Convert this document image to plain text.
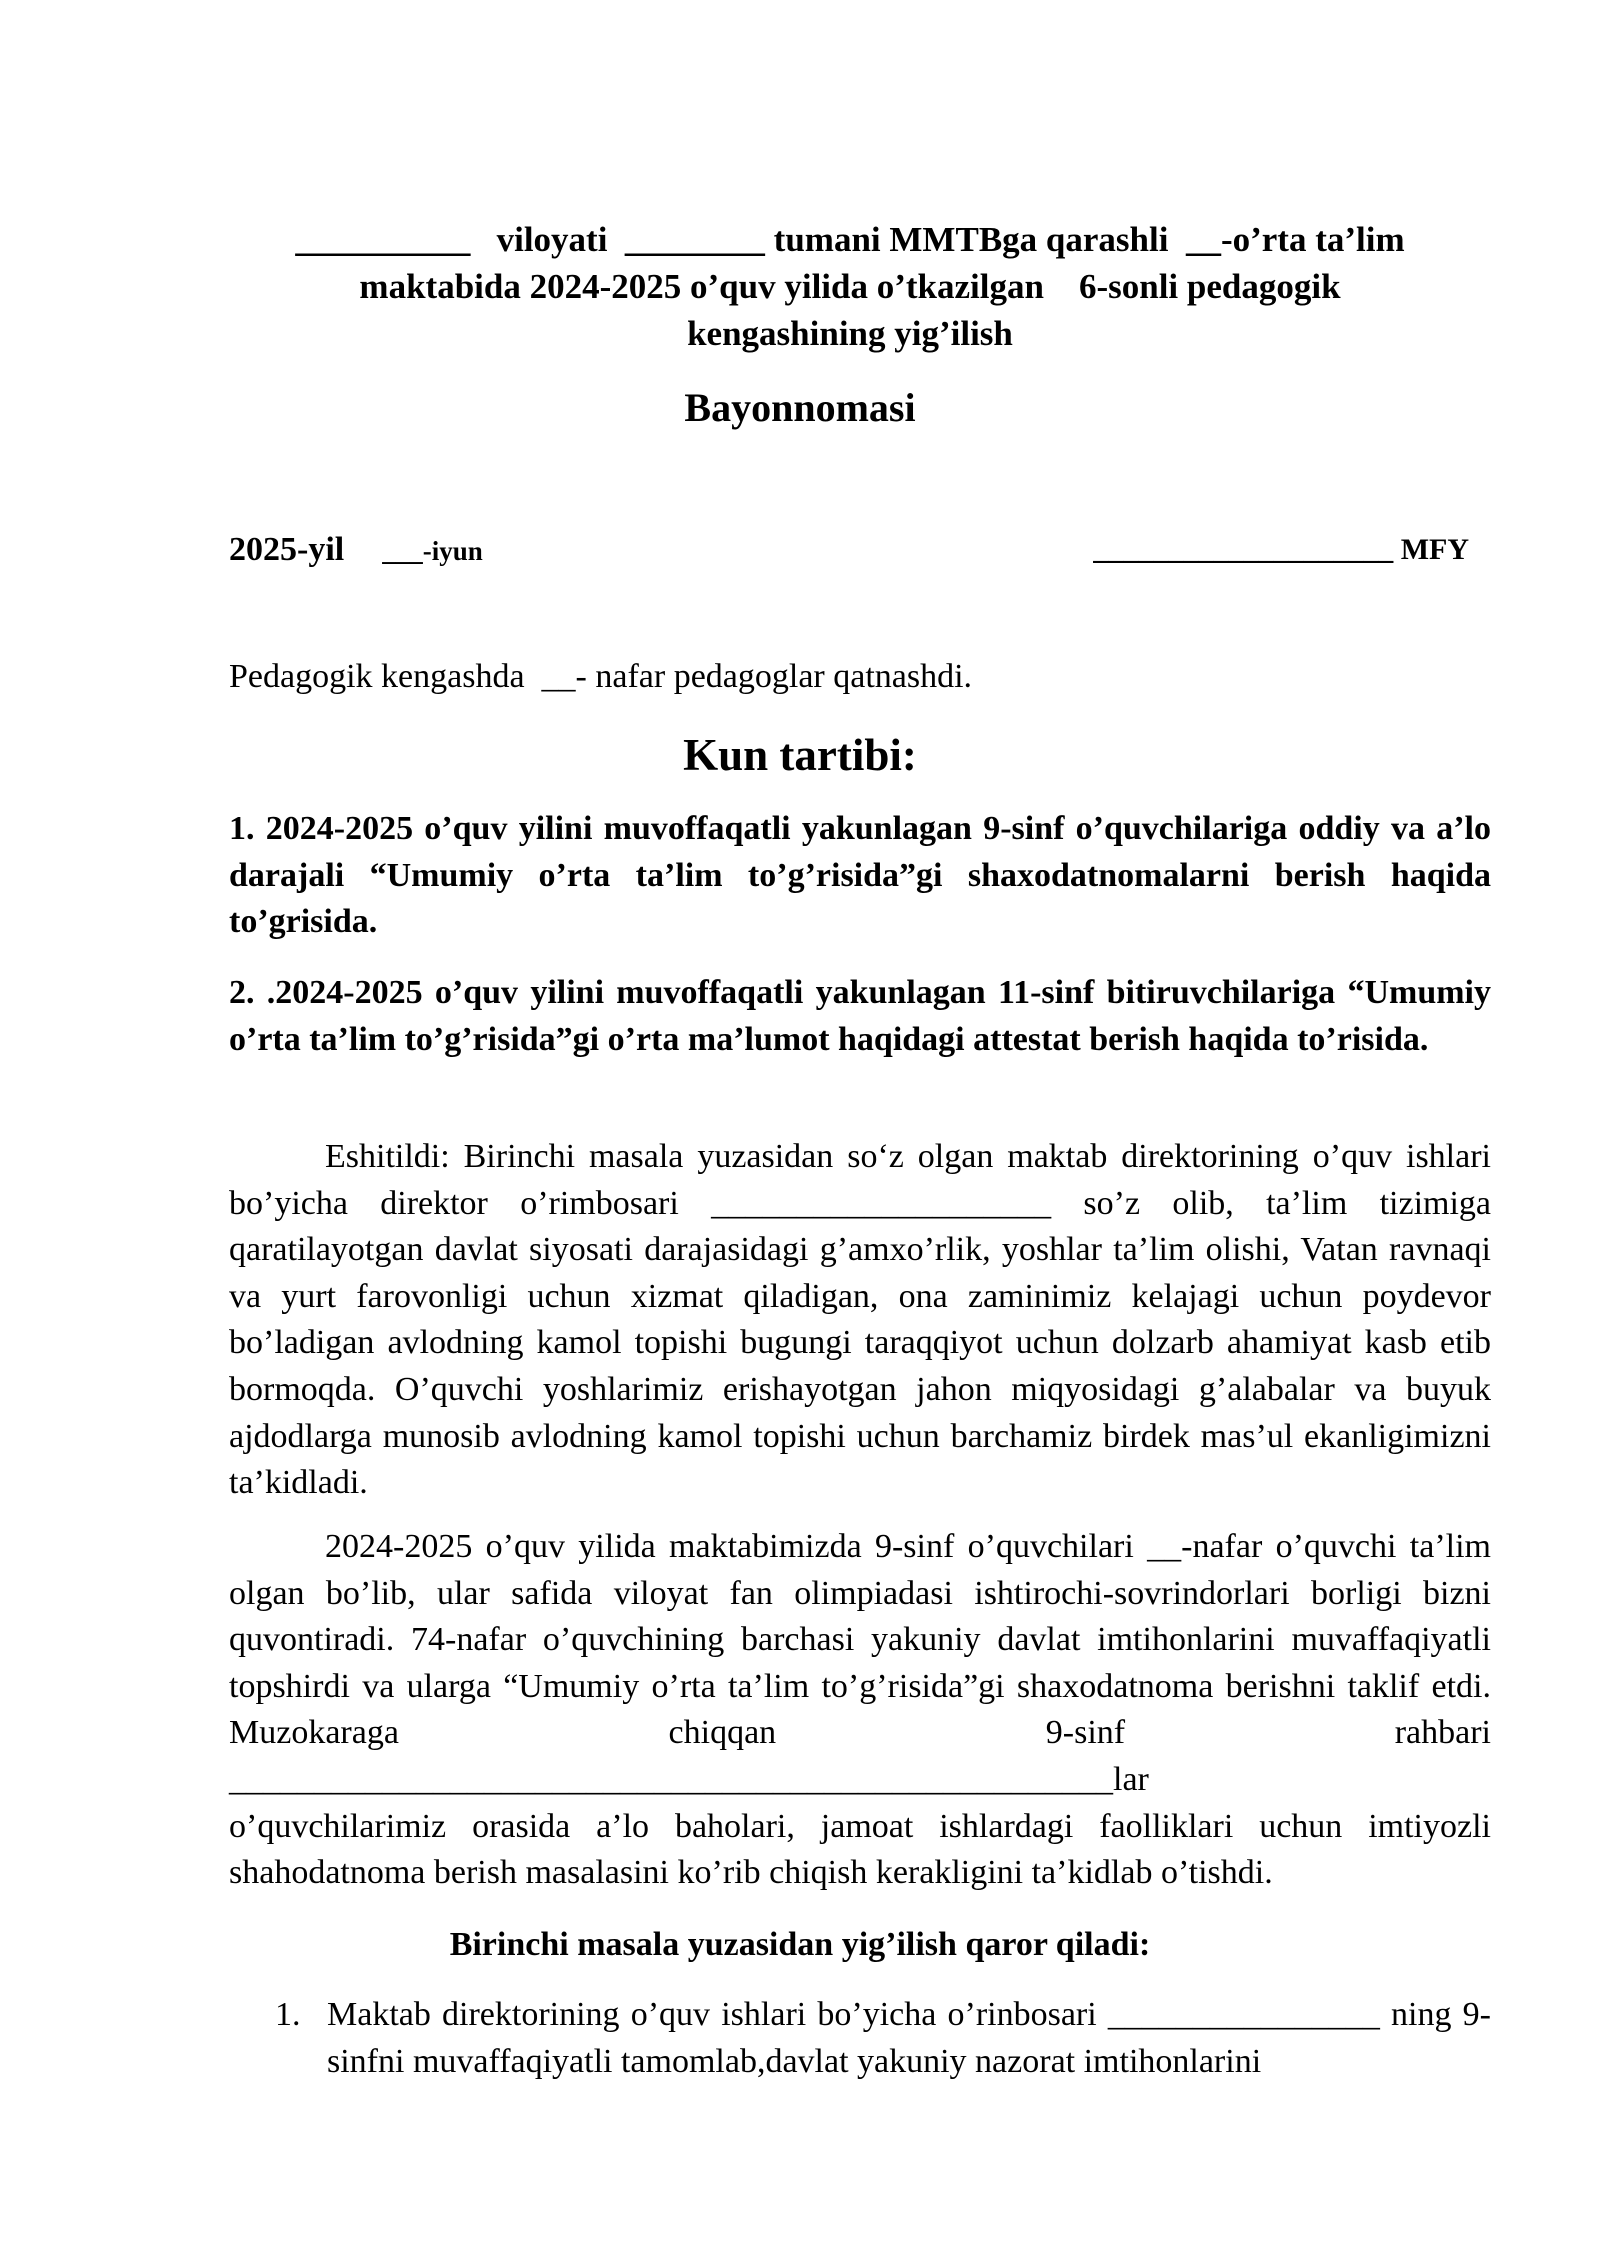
__________   viloyati  ________ tumani MMTBga qarashli  __-o’rta ta’lim
maktabida 2024-2025 o’quv yilida o’tkazilgan    6-sonli pedagogik
kengashining yig’ilish
Bayonnomasi
2025-yil ___-iyun	____________________ MFY

Pedagogik kengashda  __- nafar pedagoglar qatnashdi.

Kun tartibi:

1. 2024-2025 o’quv yilini muvoffaqatli yakunlagan 9-sinf o’quvchilariga oddiy va a’lo darajali “Umumiy o’rta ta’lim to’g’risida”gi shaxodatnomalarni berish haqida to’grisida.

2. .2024-2025 o’quv yilini muvoffaqatli yakunlagan 11-sinf bitiruvchilariga “Umumiy o’rta ta’lim to’g’risida”gi o’rta ma’lumot haqidagi attestat berish haqida to’risida.

Eshitildi: Birinchi masala yuzasidan so‘z olgan maktab direktorining o’quv ishlari bo’yicha direktor o’rimbosari ____________________ so’z olib, ta’lim tizimiga qaratilayotgan davlat siyosati darajasidagi g’amxo’rlik, yoshlar ta’lim olishi, Vatan ravnaqi va yurt farovonligi uchun xizmat qiladigan, ona zaminimiz kelajagi uchun poydevor bo’ladigan avlodning kamol topishi bugungi taraqqiyot uchun dolzarb ahamiyat kasb etib bormoqda. O’quvchi yoshlarimiz erishayotgan jahon miqyosidagi g’alabalar va buyuk ajdodlarga munosib avlodning kamol topishi uchun barchamiz birdek mas’ul ekanligimizni ta’kidladi.

2024-2025 o’quv yilida maktabimizda 9-sinf o’quvchilari __-nafar o’quvchi ta’lim olgan bo’lib, ular safida viloyat fan olimpiadasi ishtirochi-sovrindorlari borligi bizni quvontiradi. 74-nafar o’quvchining barchasi yakuniy davlat imtihonlarini muvaffaqiyatli topshirdi va ularga “Umumiy o’rta ta’lim to’g’risida”gi shaxodatnoma berishni taklif etdi. Muzokaraga chiqqan 9-sinf rahbari
____________________________________________________lar
o’quvchilarimiz orasida a’lo baholari, jamoat ishlardagi faolliklari uchun imtiyozli shahodatnoma berish masalasini ko’rib chiqish kerakligini ta’kidlab o’tishdi.
Birinchi masala yuzasidan yig’ilish qaror qiladi:
1. Maktab direktorining o’quv ishlari bo’yicha o’rinbosari ________________ ning 9-sinfni muvaffaqiyatli tamomlab,davlat yakuniy nazorat imtihonlarini
